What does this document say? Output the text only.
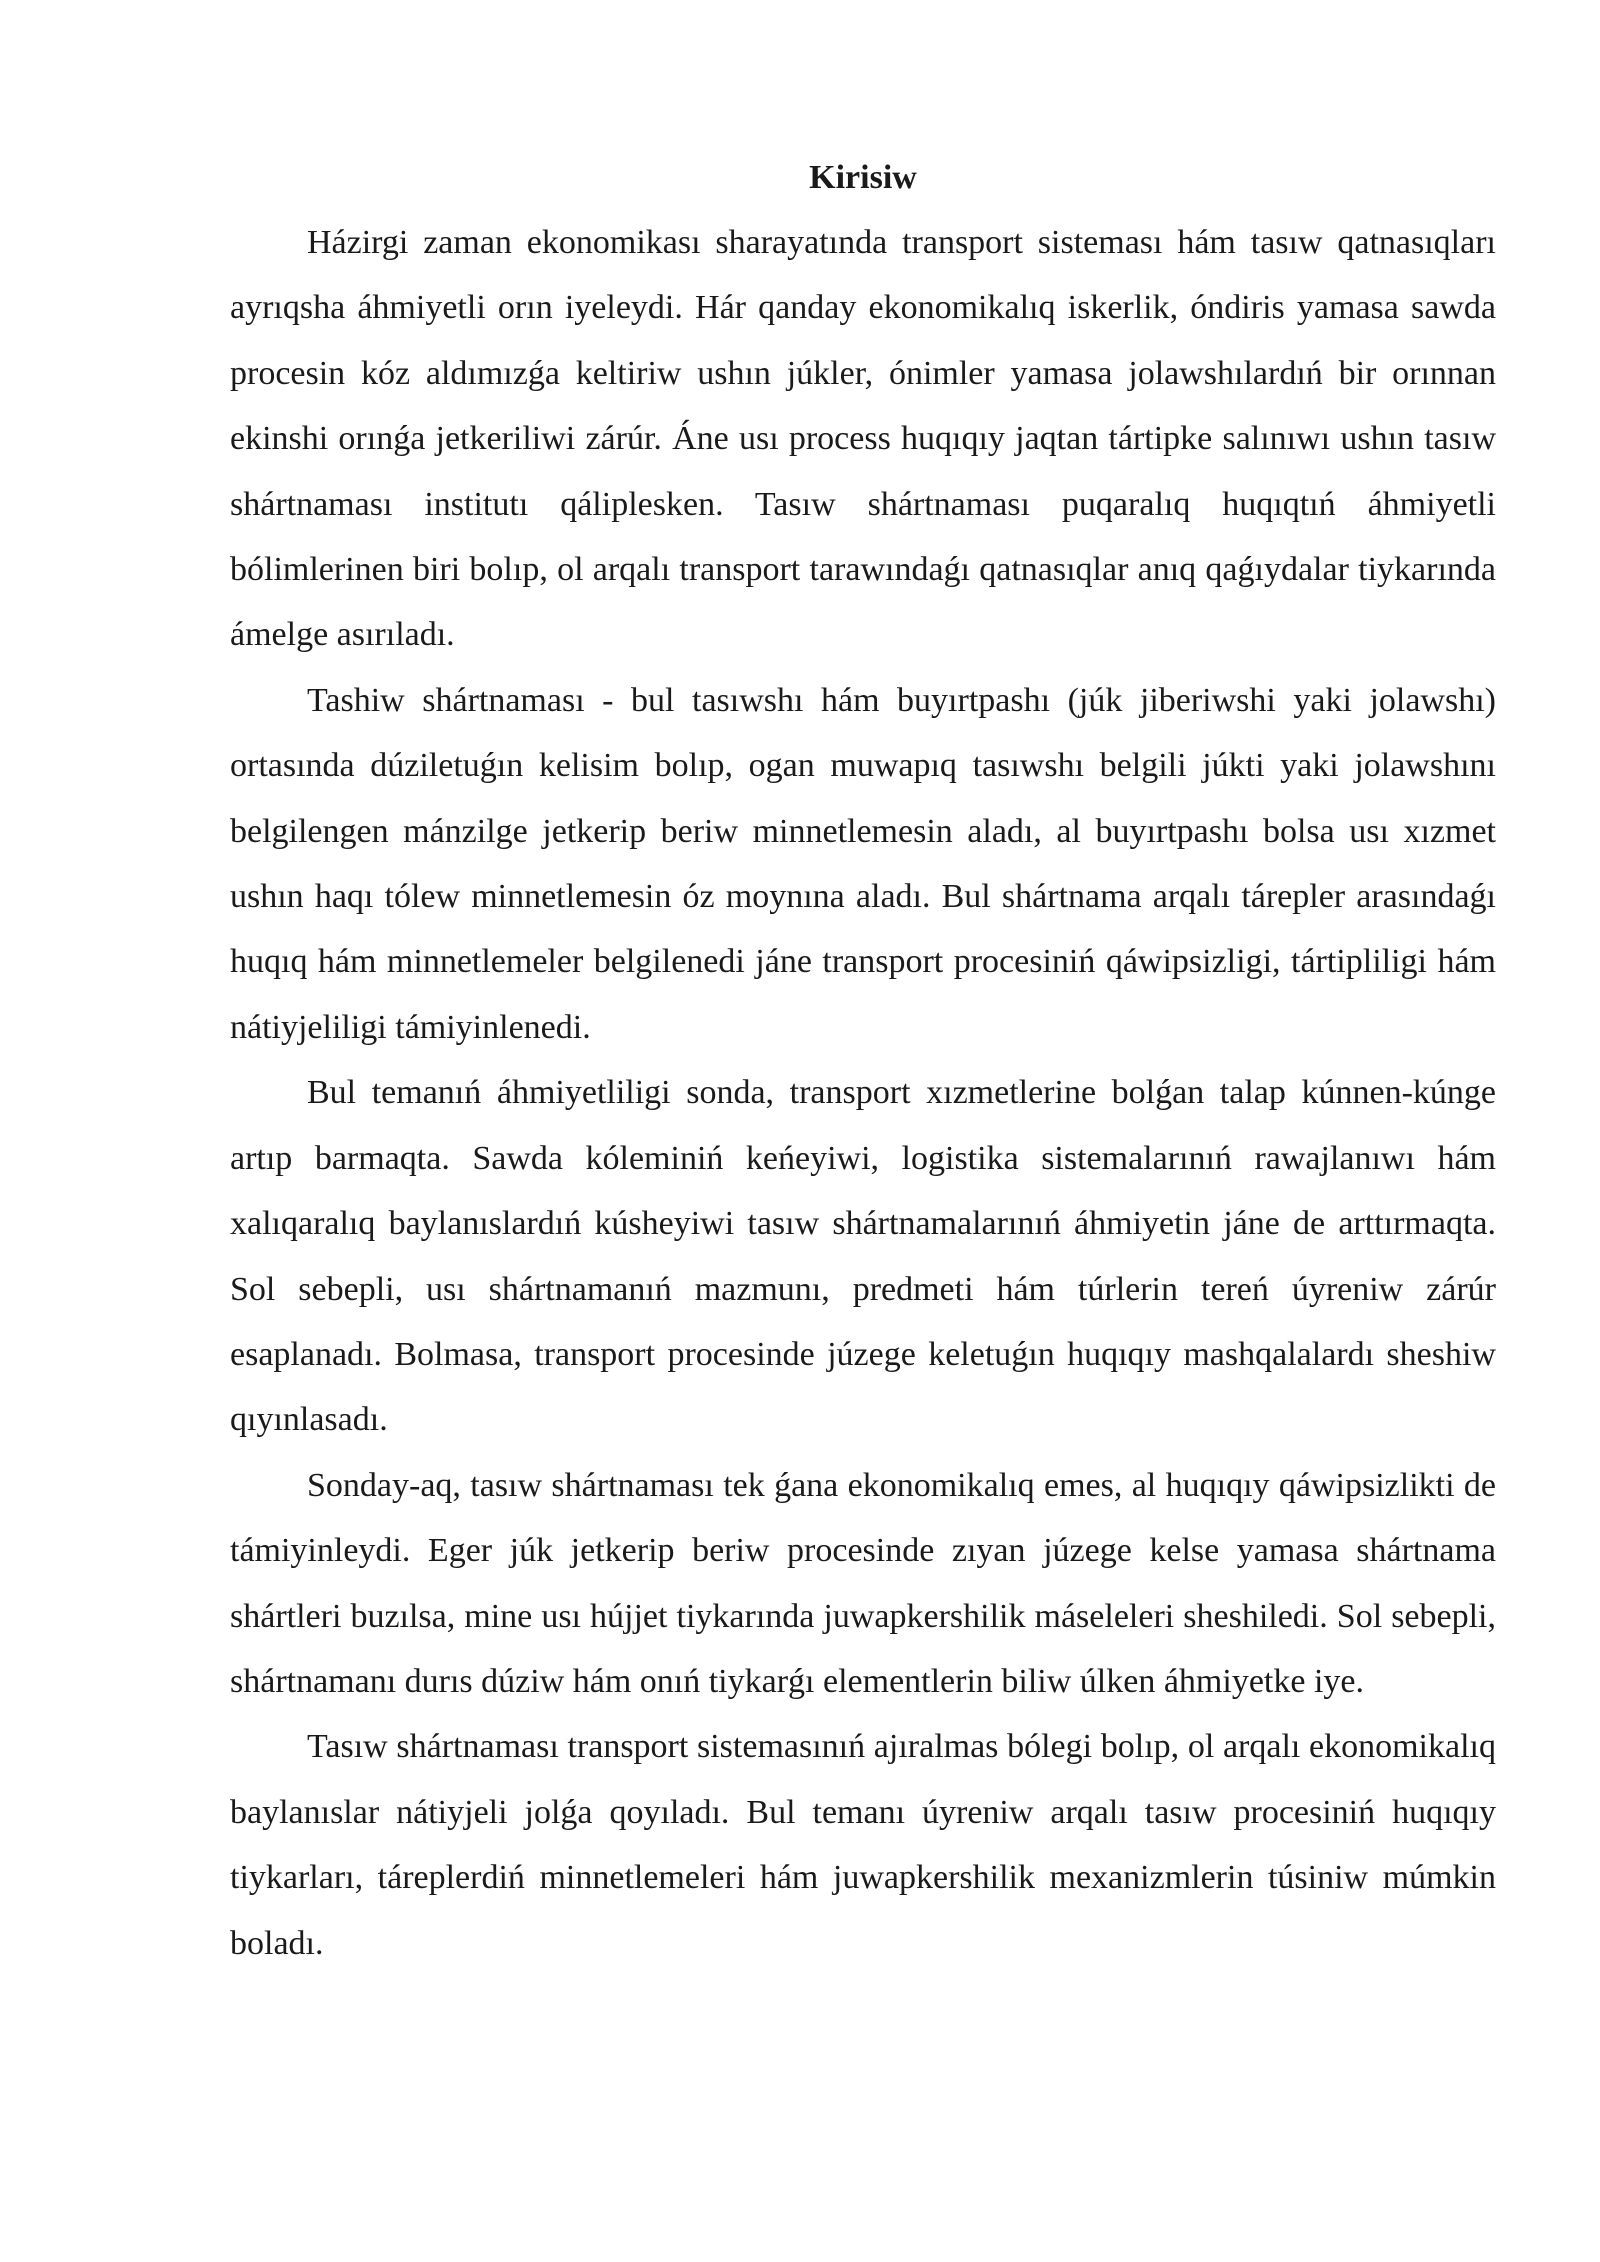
Kirisiw

Házirgi zaman ekonomikası sharayatında transport sisteması hám tasıw qatnasıqları ayrıqsha áhmiyetli orın iyeleydi. Hár qanday ekonomikalıq iskerlik, óndiris yamasa sawda procesin kóz aldımızǵa keltiriw ushın júkler, ónimler yamasa jolawshılardıń bir orınnan ekinshi orınǵa jetkeriliwi zárúr. Áne usı process huqıqıy jaqtan tártipke salınıwı ushın tasıw shártnaması institutı qáliplesken. Tasıw shártnaması puqaralıq huqıqtıń áhmiyetli bólimlerinen biri bolıp, ol arqalı transport tarawındaǵı qatnasıqlar anıq qaǵıydalar tiykarında ámelge asırıladı.

Tashiw shártnaması - bul tasıwshı hám buyırtpashı (júk jiberiwshi yaki jolawshı) ortasında dúziletuǵın kelisim bolıp, ogan muwapıq tasıwshı belgili júkti yaki jolawshını belgilengen mánzilge jetkerip beriw minnetlemesin aladı, al buyırtpashı bolsa usı xızmet ushın haqı tólew minnetlemesin óz moynına aladı. Bul shártnama arqalı tárepler arasındaǵı huqıq hám minnetlemeler belgilenedi jáne transport procesiniń qáwipsizligi, tártipliligi hám nátiyjeliligi támiyinlenedi.

Bul temanıń áhmiyetliligi sonda, transport xızmetlerine bolǵan talap kúnnen-kúnge artıp barmaqta. Sawda kóleminiń keńeyiwi, logistika sistemalarınıń rawajlanıwı hám xalıqaralıq baylanıslardıń kúsheyiwi tasıw shártnamalarınıń áhmiyetin jáne de arttırmaqta. Sol sebepli, usı shártnamanıń mazmunı, predmeti hám túrlerin tereń úyreniw zárúr esaplanadı. Bolmasa, transport procesinde júzege keletuǵın huqıqıy mashqalalardı sheshiw qıyınlasadı.

Sonday-aq, tasıw shártnaması tek ǵana ekonomikalıq emes, al huqıqıy qáwipsizlikti de támiyinleydi. Eger júk jetkerip beriw procesinde zıyan júzege kelse yamasa shártnama shártleri buzılsa, mine usı hújjet tiykarında juwapkershilik máseleleri sheshiledi. Sol sebepli, shártnamanı durıs dúziw hám onıń tiykarǵı elementlerin biliw úlken áhmiyetke iye.

Tasıw shártnaması transport sistemasınıń ajıralmas bólegi bolıp, ol arqalı ekonomikalıq baylanıslar nátiyjeli jolǵa qoyıladı. Bul temanı úyreniw arqalı tasıw procesiniń huqıqıy tiykarları, táreplerdiń minnetlemeleri hám juwapkershilik mexanizmlerin túsiniw múmkin boladı.
